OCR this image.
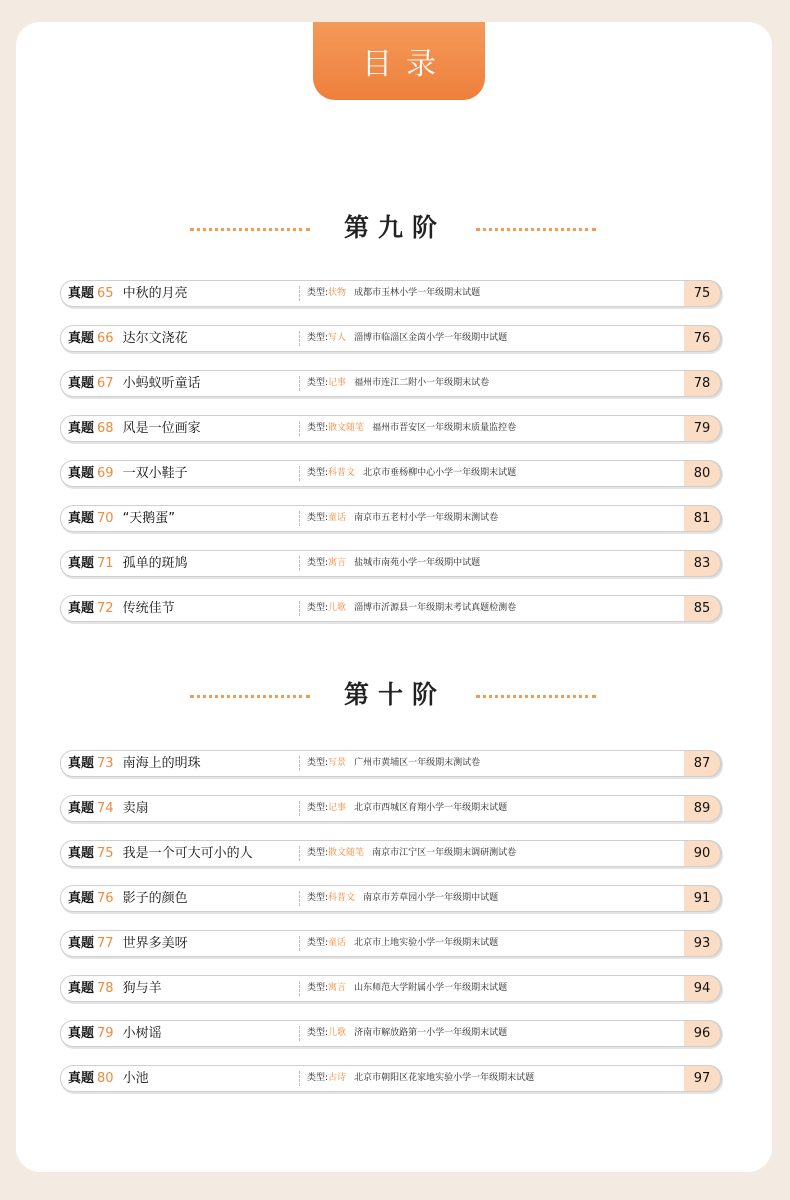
目录
第九阶
真题 65 中秋的月亮	类型:状物 成都市玉林小学一年级期末试题	75
真题 66 达尔文浇花	类型:写人 淄博市临淄区金茵小学一年级期中试题	76
真题 67 小蚂蚁听童话	类型:记事 福州市连江二附小一年级期末试卷	78
真题 68 风是一位画家	类型:散文随笔 福州市晋安区一年级期末质量监控卷	79
真题 69 一双小鞋子	类型:科普文 北京市垂杨柳中心小学一年级期末试题	80
真题 70 “天鹅蛋”	类型:童话 南京市五老村小学一年级期末测试卷	81
真题 71 孤单的斑鸠	类型:寓言 盐城市南苑小学一年级期中试题	83
真题 72 传统佳节	类型:儿歌 淄博市沂源县一年级期末考试真题检测卷	85
第十阶
真题 73 南海上的明珠	类型:写景 广州市黄埔区一年级期末测试卷	87
真题 74 卖扇	类型:记事 北京市西城区育翔小学一年级期末试题	89
真题 75 我是一个可大可小的人	类型:散文随笔 南京市江宁区一年级期末调研测试卷	90
真题 76 影子的颜色	类型:科普文 南京市芳草园小学一年级期中试题	91
真题 77 世界多美呀	类型:童话 北京市上地实验小学一年级期末试题	93
真题 78 狗与羊	类型:寓言 山东师范大学附属小学一年级期末试题	94
真题 79 小树谣	类型:儿歌 济南市解放路第一小学一年级期末试题	96
真题 80 小池	类型:古诗 北京市朝阳区花家地实验小学一年级期末试题	97
